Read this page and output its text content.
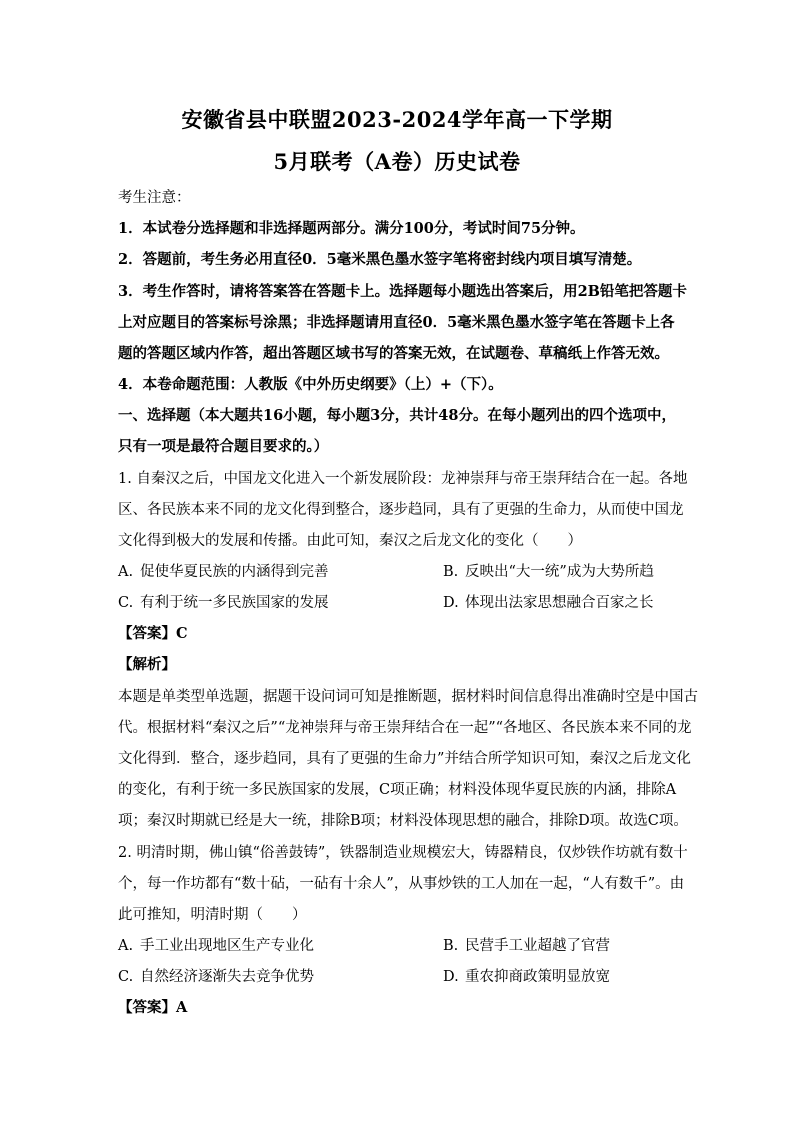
安徽省县中联盟2023-2024学年高一下学期
5月联考（A卷）历史试卷
考生注意：
1．本试卷分选择题和非选择题两部分。满分100分，考试时间75分钟。
2．答题前，考生务必用直径0．5毫米黑色墨水签字笔将密封线内项目填写清楚。
3．考生作答时，请将答案答在答题卡上。选择题每小题选出答案后，用2B铅笔把答题卡
上对应题目的答案标号涂黑；非选择题请用直径0．5毫米黑色墨水签字笔在答题卡上各
题的答题区域内作答，超出答题区域书写的答案无效，在试题卷、草稿纸上作答无效。
4．本卷命题范围：人教版《中外历史纲要》（上）+（下）。
一、选择题（本大题共16小题，每小题3分，共计48分。在每小题列出的四个选项中，
只有一项是最符合题目要求的。）
1. 自秦汉之后，中国龙文化进入一个新发展阶段：龙神崇拜与帝王崇拜结合在一起。各地
区、各民族本来不同的龙文化得到整合，逐步趋同，具有了更强的生命力，从而使中国龙
文化得到极大的发展和传播。由此可知，秦汉之后龙文化的变化（　　）
A. 促使华夏民族的内涵得到完善	B. 反映出“大一统”成为大势所趋
C. 有利于统一多民族国家的发展	D. 体现出法家思想融合百家之长
【答案】C
【解析】
本题是单类型单选题，据题干设问词可知是推断题，据材料时间信息得出准确时空是中国古
代。根据材料“秦汉之后”“龙神崇拜与帝王崇拜结合在一起”“各地区、各民族本来不同的龙
文化得到．整合，逐步趋同，具有了更强的生命力”并结合所学知识可知，秦汉之后龙文化
的变化，有利于统一多民族国家的发展，C项正确；材料没体现华夏民族的内涵，排除A
项；秦汉时期就已经是大一统，排除B项；材料没体现思想的融合，排除D项。故选C项。
2. 明清时期，佛山镇“俗善鼓铸”，铁器制造业规模宏大，铸器精良，仅炒铁作坊就有数十
个，每一作坊都有“数十砧，一砧有十余人”，从事炒铁的工人加在一起，“人有数千”。由
此可推知，明清时期（　　）
A. 手工业出现地区生产专业化	B. 民营手工业超越了官营
C. 自然经济逐渐失去竞争优势	D. 重农抑商政策明显放宽
【答案】A
